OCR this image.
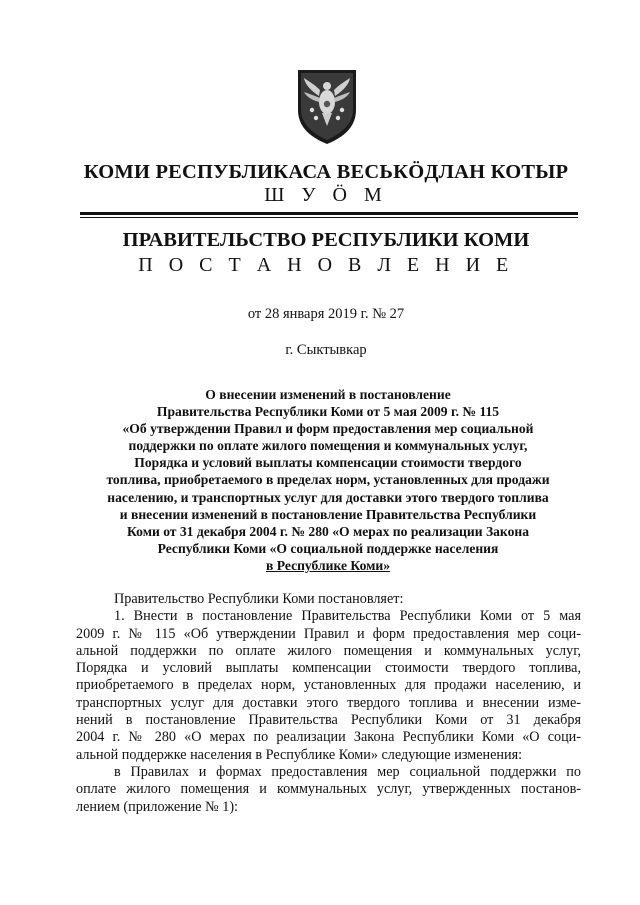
КОМИ РЕСПУБЛИКАСА ВЕСЬКӦДЛАН КОТЫР
Ш У Ӧ М
ПРАВИТЕЛЬСТВО РЕСПУБЛИКИ КОМИ
П О С Т А Н О В Л Е Н И Е
от 28 января 2019 г. № 27
г. Сыктывкар
О внесении изменений в постановление
Правительства Республики Коми от 5 мая 2009 г. № 115
«Об утверждении Правил и форм предоставления мер социальной
поддержки по оплате жилого помещения и коммунальных услуг,
Порядка и условий выплаты компенсации стоимости твердого
топлива, приобретаемого в пределах норм, установленных для продажи
населению, и транспортных услуг для доставки этого твердого топлива
и внесении изменений в постановление Правительства Республики
Коми от 31 декабря 2004 г. № 280 «О мерах по реализации Закона
Республики Коми «О социальной поддержке населения
в Республике Коми»

Правительство Республики Коми постановляет:

1. Внести в постановление Правительства Республики Коми от 5 мая
2009 г. № 115 «Об утверждении Правил и форм предоставления мер соци-
альной поддержки по оплате жилого помещения и коммунальных услуг,
Порядка и условий выплаты компенсации стоимости твердого топлива,
приобретаемого в пределах норм, установленных для продажи населению, и
транспортных услуг для доставки этого твердого топлива и внесении изме-
нений в постановление Правительства Республики Коми от 31 декабря
2004 г. № 280 «О мерах по реализации Закона Республики Коми «О соци-
альной поддержке населения в Республике Коми» следующие изменения:
в Правилах и формах предоставления мер социальной поддержки по
оплате жилого помещения и коммунальных услуг, утвержденных постанов-
лением (приложение № 1):
